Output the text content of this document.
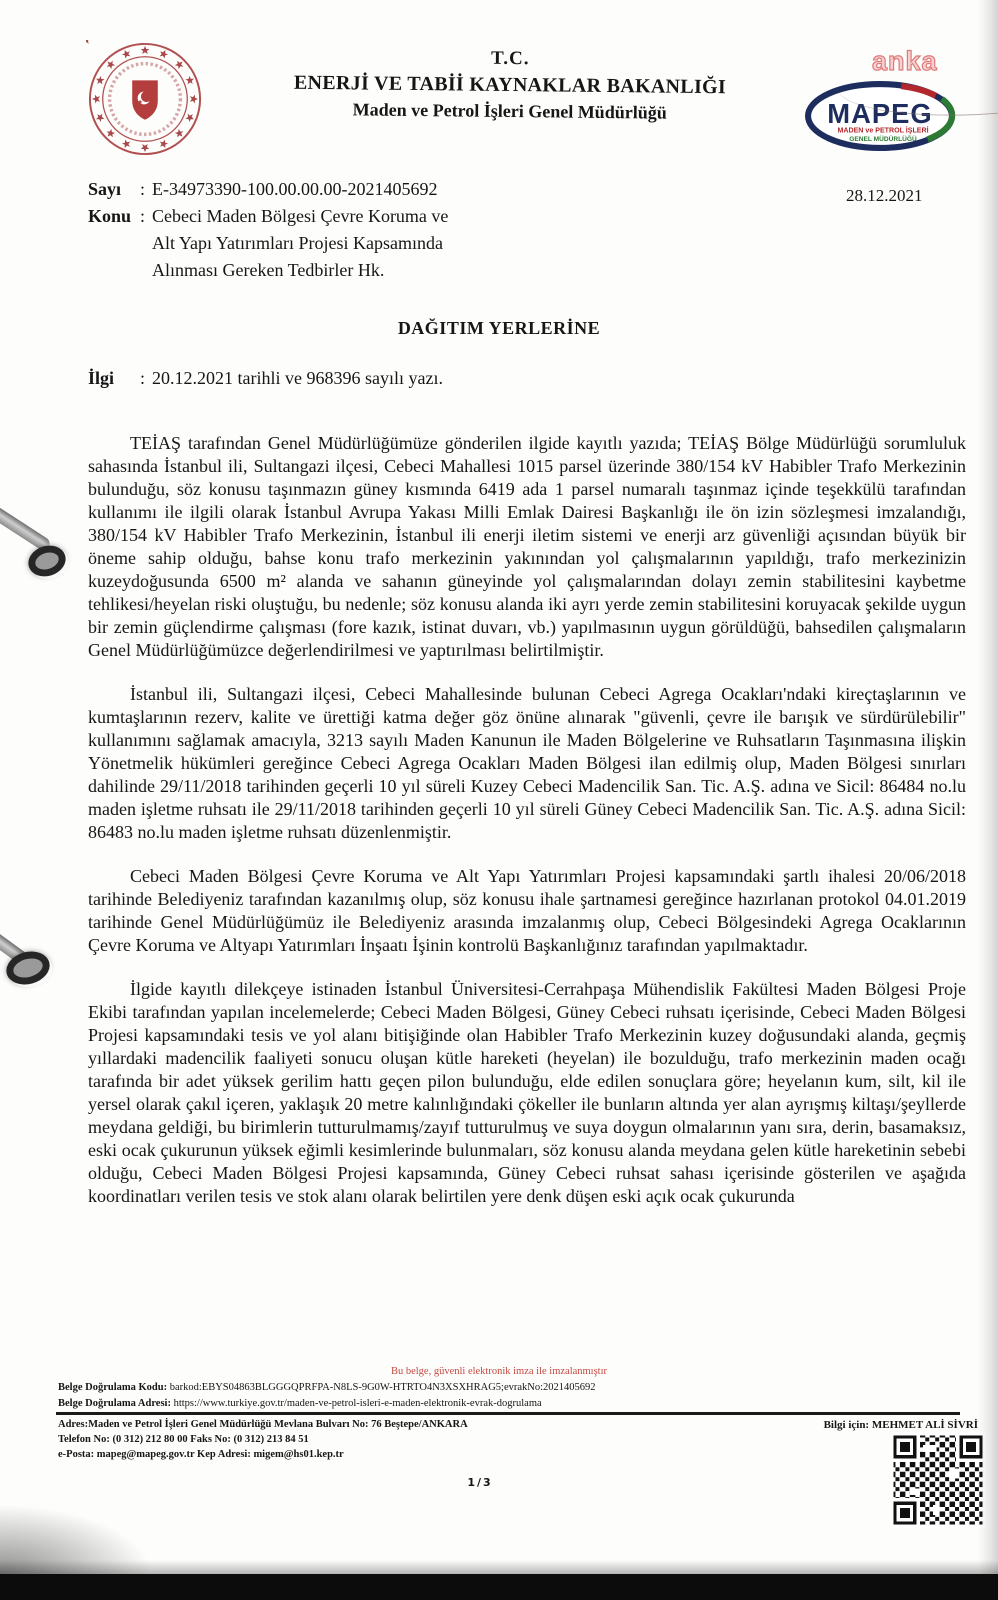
T.C.
ENERJİ VE TABİİ KAYNAKLAR BAKANLIĞI
Maden ve Petrol İşleri Genel Müdürlüğü	MAPEG
MADEN ve PETROL İŞLERİ
GENEL MÜDÜRLÜĞÜ
anka
Sayı	: E-34973390-100.00.00.00-2021405692
Konu : Cebeci Maden Bölgesi Çevre Koruma ve
Alt Yapı Yatırımları Projesi Kapsamında
Alınması Gereken Tedbirler Hk.
28.12.2021
DAĞITIM YERLERİNE
İlgi	: 20.12.2021 tarihli ve 968396 sayılı yazı.

TEİAŞ tarafından Genel Müdürlüğümüze gönderilen ilgide kayıtlı yazıda; TEİAŞ Bölge Müdürlüğü sorumluluk sahasında İstanbul ili, Sultangazi ilçesi, Cebeci Mahallesi 1015 parsel üzerinde 380/154 kV Habibler Trafo Merkezinin bulunduğu, söz konusu taşınmazın güney kısmında 6419 ada 1 parsel numaralı taşınmaz içinde teşekkülü tarafından kullanımı ile ilgili olarak İstanbul Avrupa Yakası Milli Emlak Dairesi Başkanlığı ile ön izin sözleşmesi imzalandığı, 380/154 kV Habibler Trafo Merkezinin, İstanbul ili enerji iletim sistemi ve enerji arz güvenliği açısından büyük bir öneme sahip olduğu, bahse konu trafo merkezinin yakınından yol çalışmalarının yapıldığı, trafo merkezinizin kuzeydoğusunda 6500 m² alanda ve sahanın güneyinde yol çalışmalarından dolayı zemin stabilitesini kaybetme tehlikesi/heyelan riski oluştuğu, bu nedenle; söz konusu alanda iki ayrı yerde zemin stabilitesini koruyacak şekilde uygun bir zemin güçlendirme çalışması (fore kazık, istinat duvarı, vb.) yapılmasının uygun görüldüğü, bahsedilen çalışmaların Genel Müdürlüğümüzce değerlendirilmesi ve yaptırılması belirtilmiştir.

İstanbul ili, Sultangazi ilçesi, Cebeci Mahallesinde bulunan Cebeci Agrega Ocakları'ndaki kireçtaşlarının ve kumtaşlarının rezerv, kalite ve ürettiği katma değer göz önüne alınarak "güvenli, çevre ile barışık ve sürdürülebilir" kullanımını sağlamak amacıyla, 3213 sayılı Maden Kanunun ile Maden Bölgelerine ve Ruhsatların Taşınmasına ilişkin Yönetmelik hükümleri gereğince Cebeci Agrega Ocakları Maden Bölgesi ilan edilmiş olup, Maden Bölgesi sınırları dahilinde 29/11/2018 tarihinden geçerli 10 yıl süreli Kuzey Cebeci Madencilik San. Tic. A.Ş. adına ve Sicil: 86484 no.lu maden işletme ruhsatı ile 29/11/2018 tarihinden geçerli 10 yıl süreli Güney Cebeci Madencilik San. Tic. A.Ş. adına Sicil: 86483 no.lu maden işletme ruhsatı düzenlenmiştir.

Cebeci Maden Bölgesi Çevre Koruma ve Alt Yapı Yatırımları Projesi kapsamındaki şartlı ihalesi 20/06/2018 tarihinde Belediyeniz tarafından kazanılmış olup, söz konusu ihale şartnamesi gereğince hazırlanan protokol 04.01.2019 tarihinde Genel Müdürlüğümüz ile Belediyeniz arasında imzalanmış olup, Cebeci Bölgesindeki Agrega Ocaklarının Çevre Koruma ve Altyapı Yatırımları İnşaatı İşinin kontrolü Başkanlığınız tarafından yapılmaktadır.

İlgide kayıtlı dilekçeye istinaden İstanbul Üniversitesi-Cerrahpaşa Mühendislik Fakültesi Maden Bölgesi Proje Ekibi tarafından yapılan incelemelerde; Cebeci Maden Bölgesi, Güney Cebeci ruhsatı içerisinde, Cebeci Maden Bölgesi Projesi kapsamındaki tesis ve yol alanı bitişiğinde olan Habibler Trafo Merkezinin kuzey doğusundaki alanda, geçmiş yıllardaki madencilik faaliyeti sonucu oluşan kütle hareketi (heyelan) ile bozulduğu, trafo merkezinin maden ocağı tarafında bir adet yüksek gerilim hattı geçen pilon bulunduğu, elde edilen sonuçlara göre; heyelanın kum, silt, kil ile yersel olarak çakıl içeren, yaklaşık 20 metre kalınlığındaki çökeller ile bunların altında yer alan ayrışmış kiltaşı/şeyllerde meydana geldiği, bu birimlerin tutturulmamış/zayıf tutturulmuş ve suya doygun olmalarının yanı sıra, derin, basamaksız, eski ocak çukurunun yüksek eğimli kesimlerinde bulunmaları, söz konusu alanda meydana gelen kütle hareketinin sebebi olduğu, Cebeci Maden Bölgesi Projesi kapsamında, Güney Cebeci ruhsat sahası içerisinde gösterilen ve aşağıda koordinatları verilen tesis ve stok alanı olarak belirtilen yere denk düşen eski açık ocak çukurunda

Bu belge, güvenli elektronik imza ile imzalanmıştır
Belge Doğrulama Kodu: barkod:EBYS04863BLGGGQPRFPA-N8LS-9G0W-HTRTO4N3XSXHRAG5;evrakNo:2021405692
Belge Doğrulama Adresi: https://www.turkiye.gov.tr/maden-ve-petrol-isleri-e-maden-elektronik-evrak-dogrulama
Adres:Maden ve Petrol İşleri Genel Müdürlüğü Mevlana Bulvarı No: 76 Beştepe/ANKARA
Telefon No: (0 312) 212 80 00 Faks No: (0 312) 213 84 51
e-Posta: mapeg@mapeg.gov.tr Kep Adresi: migem@hs01.kep.tr
Bilgi için: MEHMET ALİ SİVRİ
1/3
